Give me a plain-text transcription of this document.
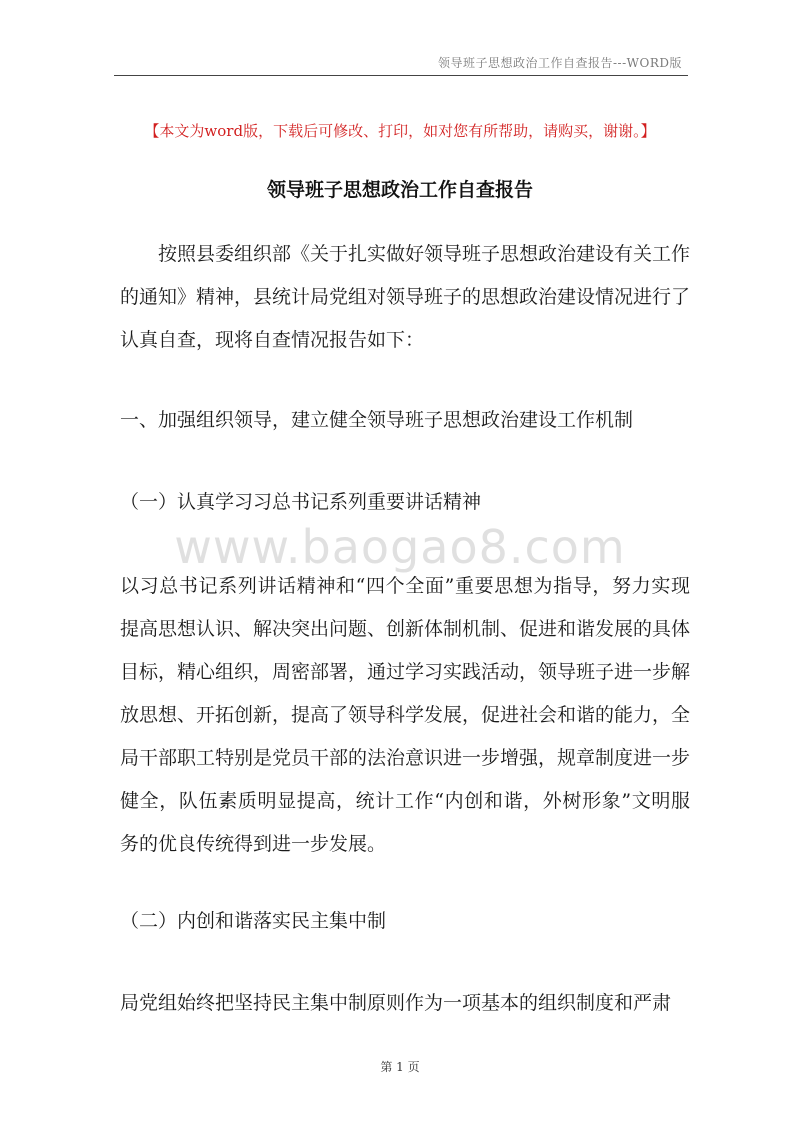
领导班子思想政治工作自查报告---WORD版
【本文为word版，下载后可修改、打印，如对您有所帮助，请购买，谢谢。】
领导班子思想政治工作自查报告
按照县委组织部《关于扎实做好领导班子思想政治建设有关工作的通知》精神，县统计局党组对领导班子的思想政治建设情况进行了认真自查，现将自查情况报告如下：
一、加强组织领导，建立健全领导班子思想政治建设工作机制
（一）认真学习习总书记系列重要讲话精神
www.baogao8.com
以习总书记系列讲话精神和“四个全面”重要思想为指导，努力实现提高思想认识、解决突出问题、创新体制机制、促进和谐发展的具体目标，精心组织，周密部署，通过学习实践活动，领导班子进一步解放思想、开拓创新，提高了领导科学发展，促进社会和谐的能力，全局干部职工特别是党员干部的法治意识进一步增强，规章制度进一步健全，队伍素质明显提高，统计工作“内创和谐，外树形象”文明服务的优良传统得到进一步发展。
（二）内创和谐落实民主集中制
局党组始终把坚持民主集中制原则作为一项基本的组织制度和严肃
第 1 页
